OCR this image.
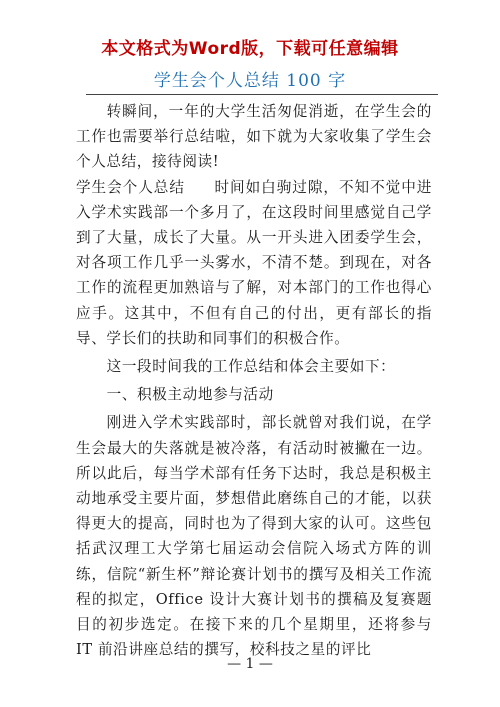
本文格式为Word版，下载可任意编辑
学生会个人总结 100 字

转瞬间，一年的大学生活匆促消逝，在学生会的工作也需要举行总结啦，如下就为大家收集了学生会个人总结，接待阅读!

学生会个人总结 时间如白驹过隙，不知不觉中进入学术实践部一个多月了，在这段时间里感觉自己学到了大量，成长了大量。从一开头进入团委学生会，对各项工作几乎一头雾水，不清不楚。到现在，对各工作的流程更加熟谙与了解，对本部门的工作也得心应手。这其中，不但有自己的付出，更有部长的指导、学长们的扶助和同事们的积极合作。

这一段时间我的工作总结和体会主要如下：

一、积极主动地参与活动

刚进入学术实践部时，部长就曾对我们说，在学生会最大的失落就是被冷落，有活动时被撇在一边。所以此后，每当学术部有任务下达时，我总是积极主动地承受主要片面，梦想借此磨练自己的才能，以获得更大的提高，同时也为了得到大家的认可。这些包括武汉理工大学第七届运动会信院入场式方阵的训练，信院“新生杯”辩论赛计划书的撰写及相关工作流程的拟定，Office 设计大赛计划书的撰稿及复赛题目的初步选定。在接下来的几个星期里，还将参与 IT 前沿讲座总结的撰写，校科技之星的评比

— 1 —
